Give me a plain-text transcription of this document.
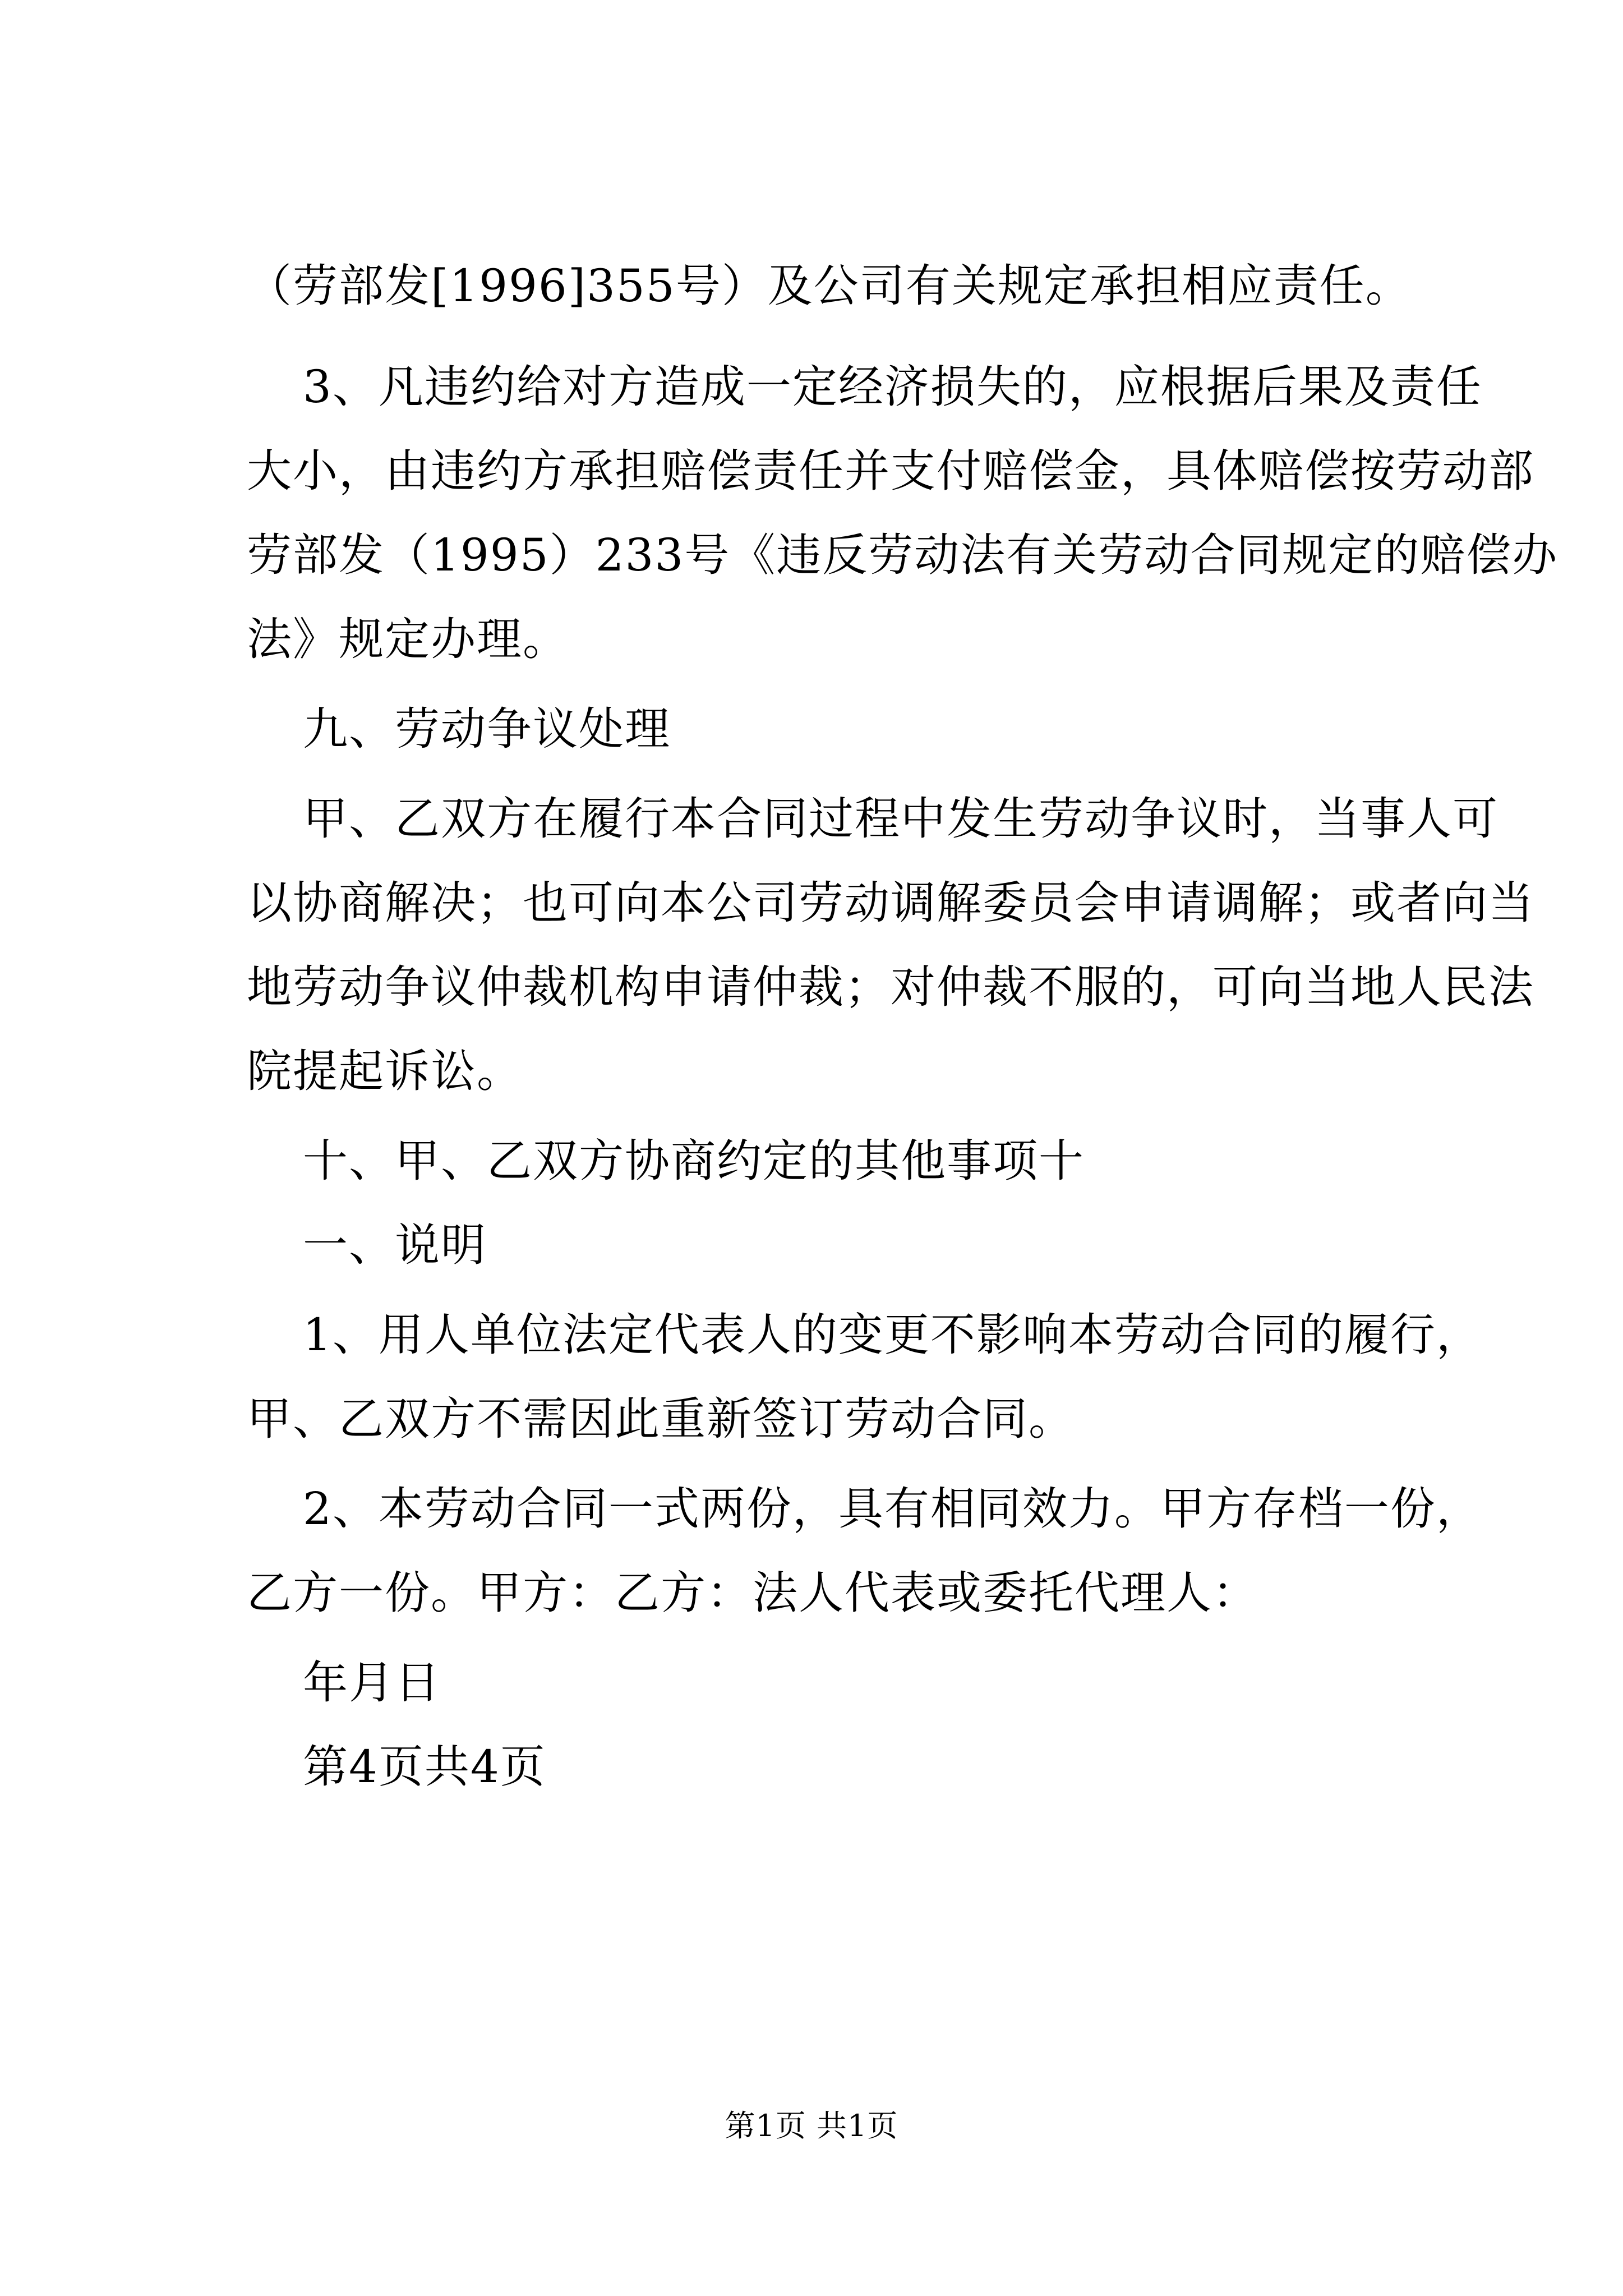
（劳部发[1996]355号）及公司有关规定承担相应责任。
3、凡违约给对方造成一定经济损失的，应根据后果及责任
大小，由违约方承担赔偿责任并支付赔偿金，具体赔偿按劳动部
劳部发（1995）233号《违反劳动法有关劳动合同规定的赔偿办
法》规定办理。
九、劳动争议处理
甲、乙双方在履行本合同过程中发生劳动争议时，当事人可
以协商解决；也可向本公司劳动调解委员会申请调解；或者向当
地劳动争议仲裁机构申请仲裁；对仲裁不服的，可向当地人民法
院提起诉讼。
十、甲、乙双方协商约定的其他事项十
一、说明
1、用人单位法定代表人的变更不影响本劳动合同的履行，
甲、乙双方不需因此重新签订劳动合同。
2、本劳动合同一式两份，具有相同效力。甲方存档一份，
乙方一份。甲方：乙方：法人代表或委托代理人：
年月日
第4页共4页
第1页 共1页
